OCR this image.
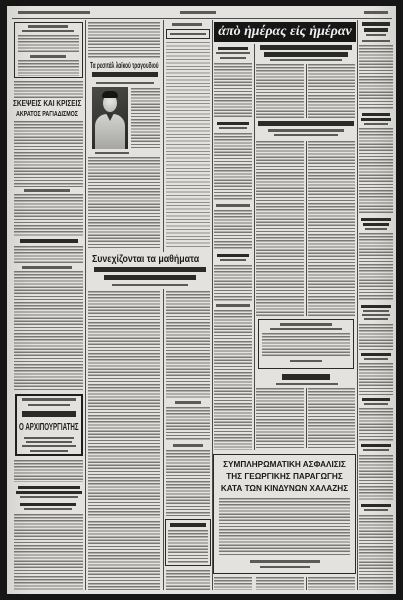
ΣΚΕΨΕΙΣ ΚΑΙ ΚΡΙΣΕΙΣ
ΑΚΡΑΤΟΣ ΡΑΓΙΑΔΙΣΜΟΣ
Ο ΑΡΧΙΠΟΥΡΓΙΑΤΗΣ
Τα ρεσιτάλ λαϊκού τραγουδιού
Συνεχίζονται τα μαθήματα
ἀπὸ ἡμέρας εἰς ἡμέραν
ΣΥΜΠΛΗΡΩΜΑΤΙΚΗ ΑΣΦΑΛΙΣΙΣ
ΤΗΣ ΓΕΩΡΓΙΚΗΣ ΠΑΡΑΓΩΓΗΣ
ΚΑΤΑ ΤΩΝ ΚΙΝΔΥΝΩΝ ΧΑΛΑΖΗΣ
